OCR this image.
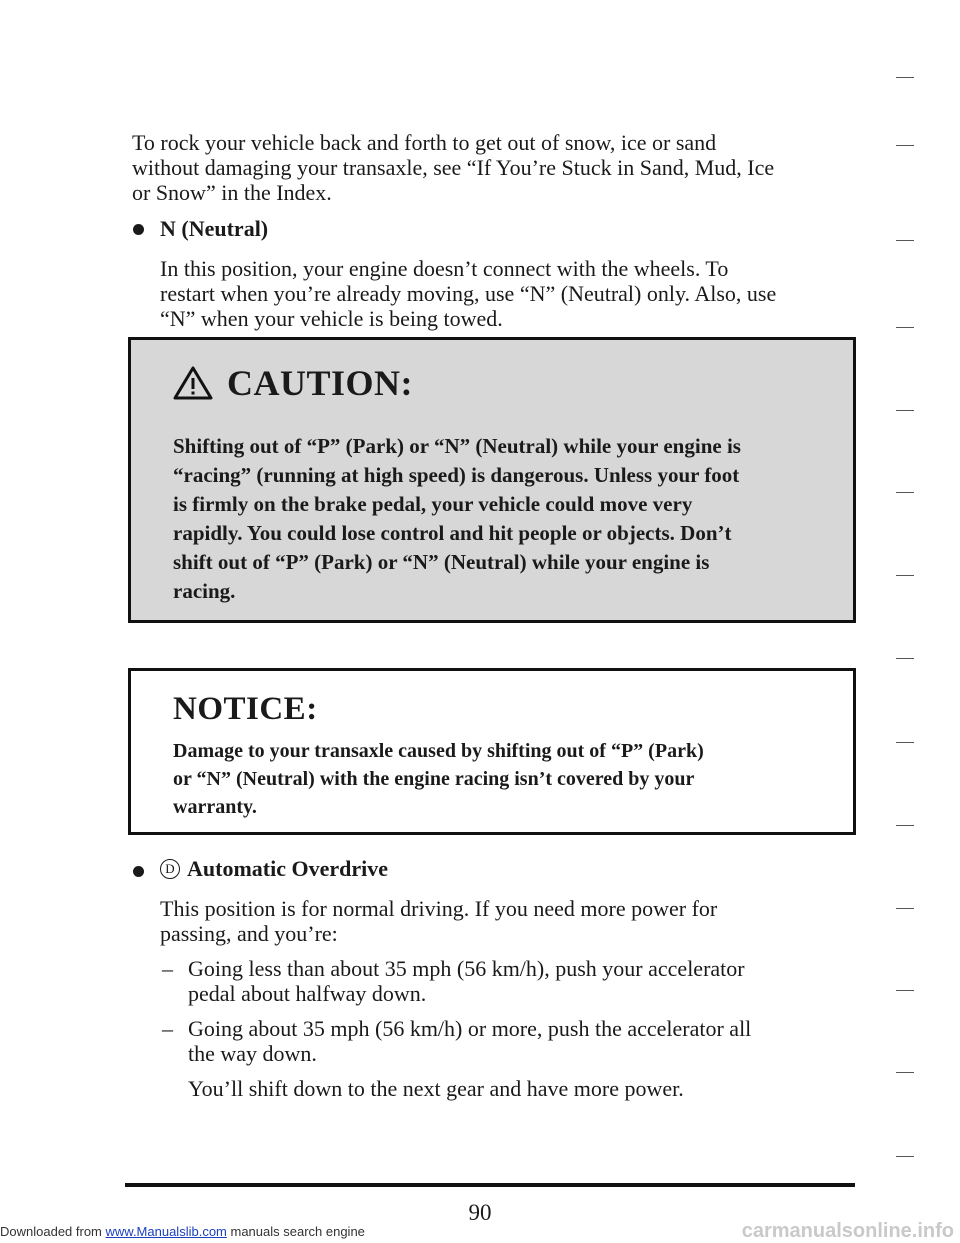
To rock your vehicle back and forth to get out of snow, ice or sand

without damaging your transaxle, see “If You’re Stuck in Sand, Mud, Ice

or Snow” in the Index.

N (Neutral)

In this position, your engine doesn’t connect with the wheels. To

restart when you’re already moving, use “N” (Neutral) only. Also, use

“N” when your vehicle is being towed.

CAUTION:
Shifting out of “P” (Park) or “N” (Neutral) while your engine is
“racing” (running at high speed) is dangerous. Unless your foot
is firmly on the brake pedal, your vehicle could move very
rapidly. You could lose control and hit people or objects. Don’t
shift out of “P” (Park) or “N” (Neutral) while your engine is
racing.
NOTICE:
Damage to your transaxle caused by shifting out of “P” (Park)
or “N” (Neutral) with the engine racing isn’t covered by your
warranty.
D Automatic Overdrive

This position is for normal driving. If you need more power for

passing, and you’re:

– Going less than about 35 mph (56 km/h), push your accelerator

pedal about halfway down.

– Going about 35 mph (56 km/h) or more, push the accelerator all

the way down.

You’ll shift down to the next gear and have more power.

90
Downloaded from www.Manualslib.com manuals search engine	carmanualsonline.info
